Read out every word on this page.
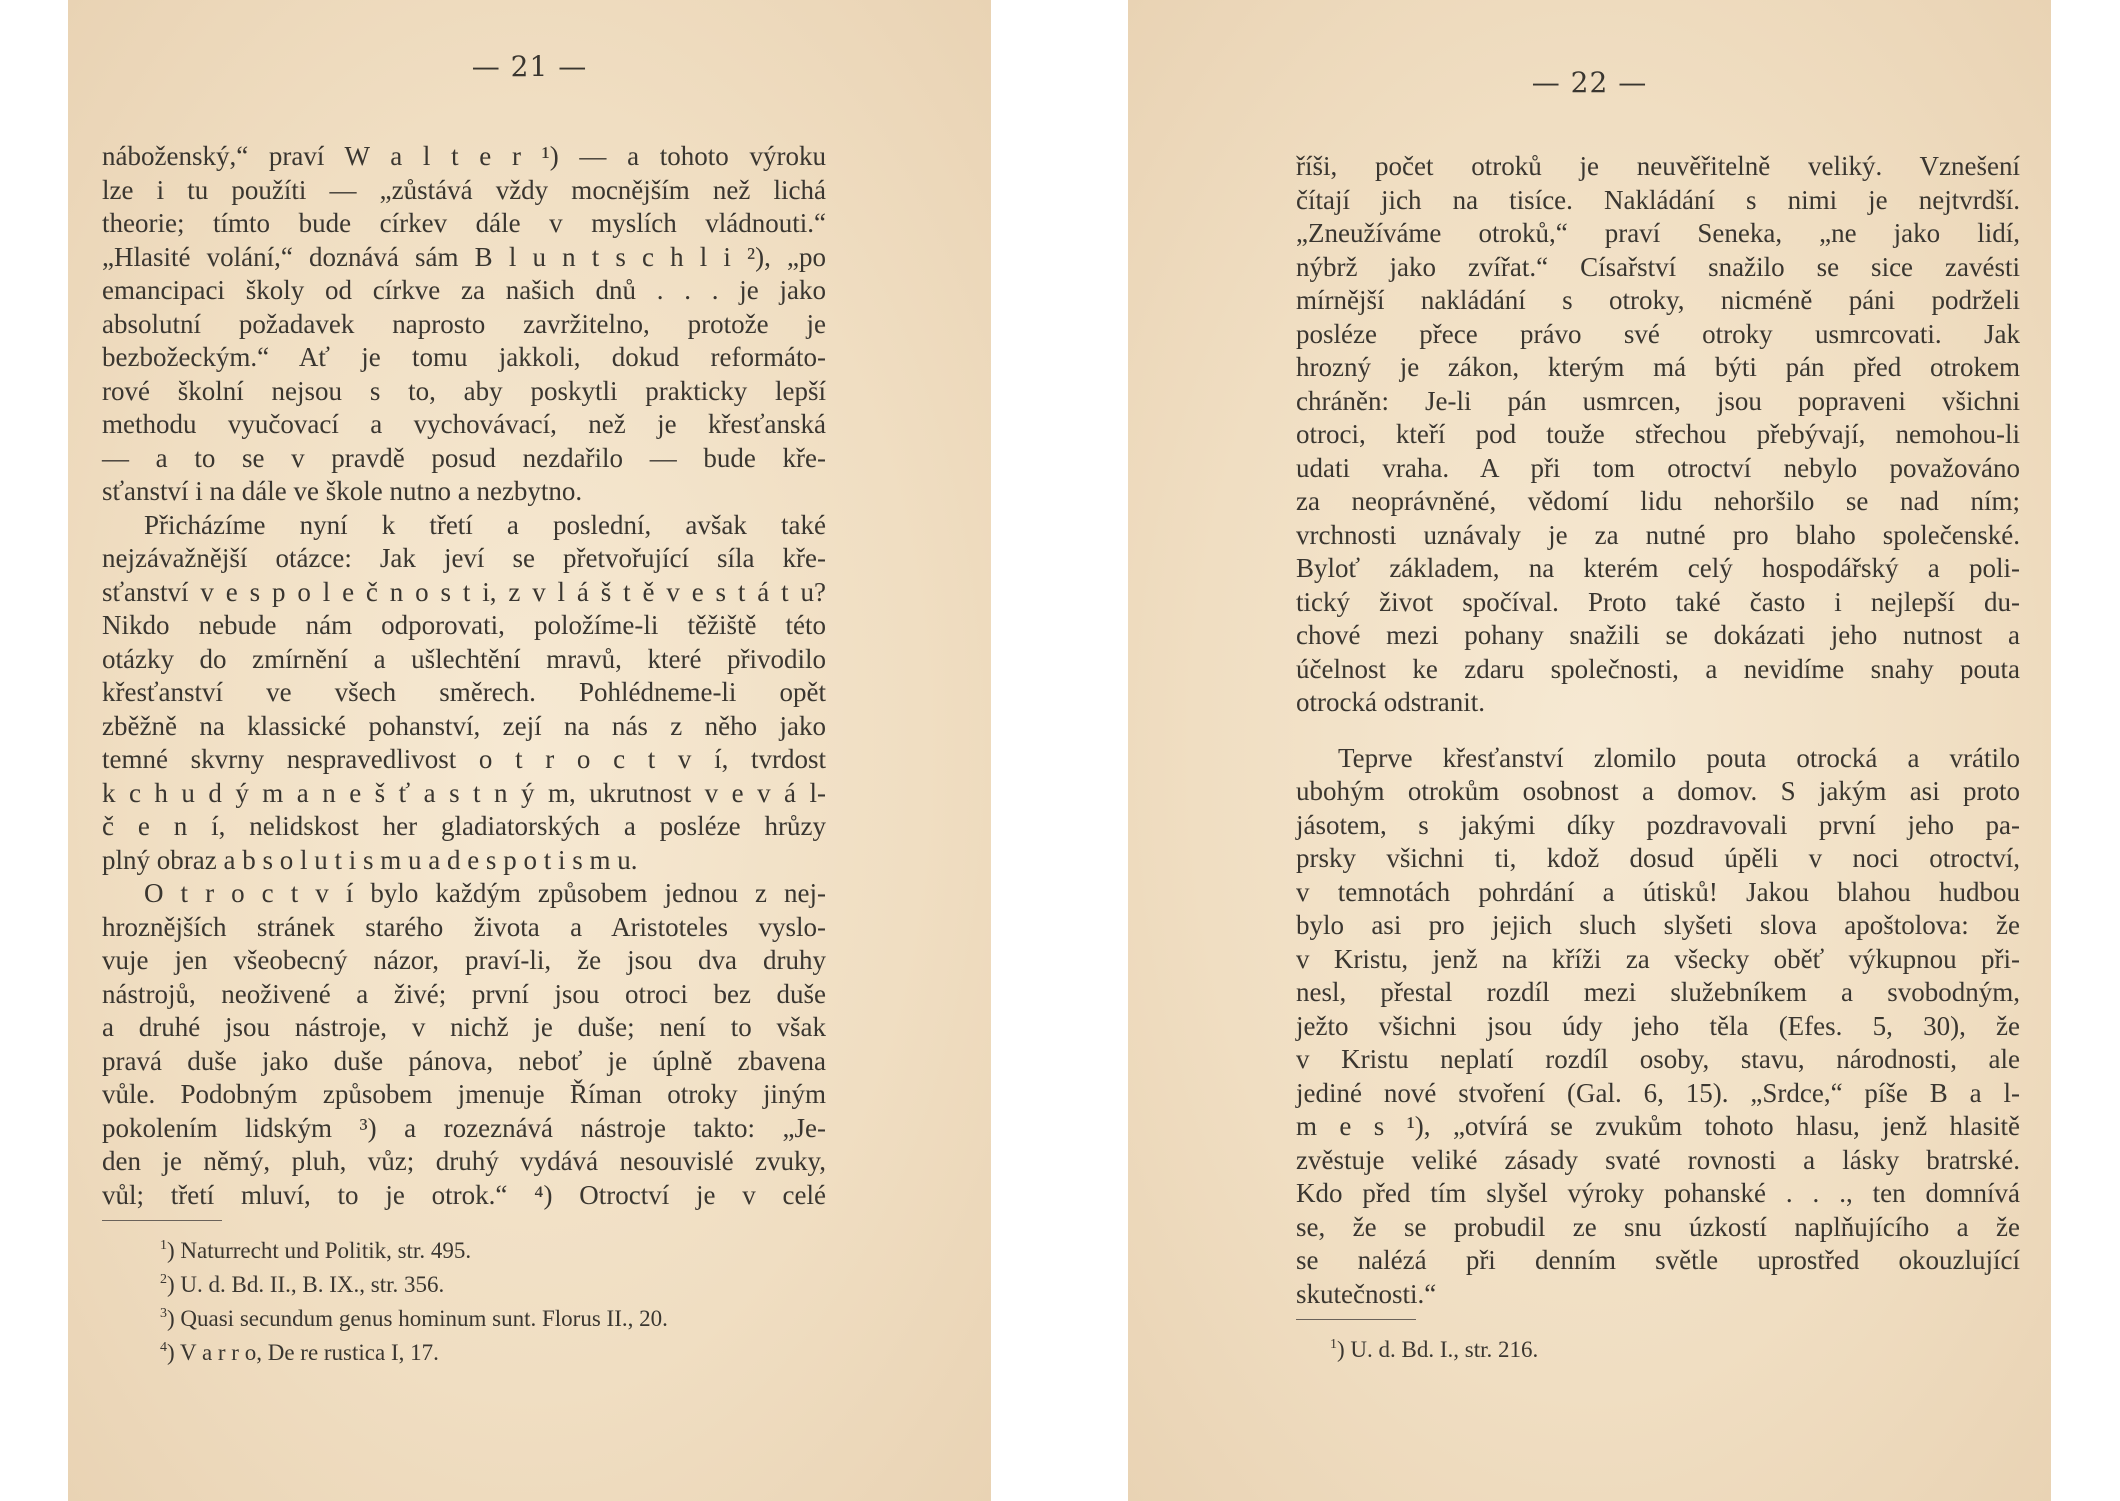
— 21 —
náboženský,“ praví W a l t e r ¹) — a tohoto výroku
lze i tu použíti — „zůstává vždy mocnějším než lichá
theorie; tímto bude církev dále v myslích vládnouti.“
„Hlasité volání,“ doznává sám B l u n t s c h l i ²), „po
emancipaci školy od církve za našich dnů . . . je jako
absolutní požadavek naprosto zavržitelno, protože je
bezbožeckým.“ Ať je tomu jakkoli, dokud reformáto-
rové školní nejsou s to, aby poskytli prakticky lepší
methodu vyučovací a vychovávací, než je křesťanská
— a to se v pravdě posud nezdařilo — bude kře-
sťanství i na dále ve škole nutno a nezbytno.
Přicházíme nyní k třetí a poslední, avšak také
nejzávažnější otázce: Jak jeví se přetvořující síla kře-
sťanství v e s p o l e č n o s t i, z v l á š t ě v e s t á t u?
Nikdo nebude nám odporovati, položíme-li těžiště této
otázky do zmírnění a ušlechtění mravů, které přivodilo
křesťanství ve všech směrech. Pohlédneme-li opět
zběžně na klassické pohanství, zejí na nás z něho jako
temné skvrny nespravedlivost o t r o c t v í, tvrdost
k c h u d ý m a n e š ť a s t n ý m, ukrutnost v e v á l-
č e n í, nelidskost her gladiatorských a posléze hrůzy
plný obraz a b s o l u t i s m u a d e s p o t i s m u.
O t r o c t v í bylo každým způsobem jednou z nej-
hroznějších stránek starého života a Aristoteles vyslo-
vuje jen všeobecný názor, praví-li, že jsou dva druhy
nástrojů, neoživené a živé; první jsou otroci bez duše
a druhé jsou nástroje, v nichž je duše; není to však
pravá duše jako duše pánova, neboť je úplně zbavena
vůle. Podobným způsobem jmenuje Říman otroky jiným
pokolením lidským ³) a rozeznává nástroje takto: „Je-
den je němý, pluh, vůz; druhý vydává nesouvislé zvuky,
vůl; třetí mluví, to je otrok.“ ⁴) Otroctví je v celé
$^1$) Naturrecht und Politik, str. 495.
$^2$) U. d. Bd. II., B. IX., str. 356.
$^3$) Quasi secundum genus hominum sunt. Florus II., 20.
$^4$) V a r r o, De re rustica I, 17.
— 22 —
říši, počet otroků je neuvěřitelně veliký. Vznešení
čítají jich na tisíce. Nakládání s nimi je nejtvrdší.
„Zneužíváme otroků,“ praví Seneka, „ne jako lidí,
nýbrž jako zvířat.“ Císařství snažilo se sice zavésti
mírnější nakládání s otroky, nicméně páni podrželi
posléze přece právo své otroky usmrcovati. Jak
hrozný je zákon, kterým má býti pán před otrokem
chráněn: Je-li pán usmrcen, jsou popraveni všichni
otroci, kteří pod touže střechou přebývají, nemohou-li
udati vraha. A při tom otroctví nebylo považováno
za neoprávněné, vědomí lidu nehoršilo se nad ním;
vrchnosti uznávaly je za nutné pro blaho společenské.
Byloť základem, na kterém celý hospodářský a poli-
tický život spočíval. Proto také často i nejlepší du-
chové mezi pohany snažili se dokázati jeho nutnost a
účelnost ke zdaru společnosti, a nevidíme snahy pouta
otrocká odstranit.
Teprve křesťanství zlomilo pouta otrocká a vrátilo
ubohým otrokům osobnost a domov. S jakým asi proto
jásotem, s jakými díky pozdravovali první jeho pa-
prsky všichni ti, kdož dosud úpěli v noci otroctví,
v temnotách pohrdání a útisků! Jakou blahou hudbou
bylo asi pro jejich sluch slyšeti slova apoštolova: že
v Kristu, jenž na kříži za všecky oběť výkupnou při-
nesl, přestal rozdíl mezi služebníkem a svobodným,
ježto všichni jsou údy jeho těla (Efes. 5, 30), že
v Kristu neplatí rozdíl osoby, stavu, národnosti, ale
jediné nové stvoření (Gal. 6, 15). „Srdce,“ píše B a l-
m e s ¹), „otvírá se zvukům tohoto hlasu, jenž hlasitě
zvěstuje veliké zásady svaté rovnosti a lásky bratrské.
Kdo před tím slyšel výroky pohanské . . ., ten domnívá
se, že se probudil ze snu úzkostí naplňujícího a že
se nalézá při denním světle uprostřed okouzlující
skutečnosti.“
$^1$) U. d. Bd. I., str. 216.
